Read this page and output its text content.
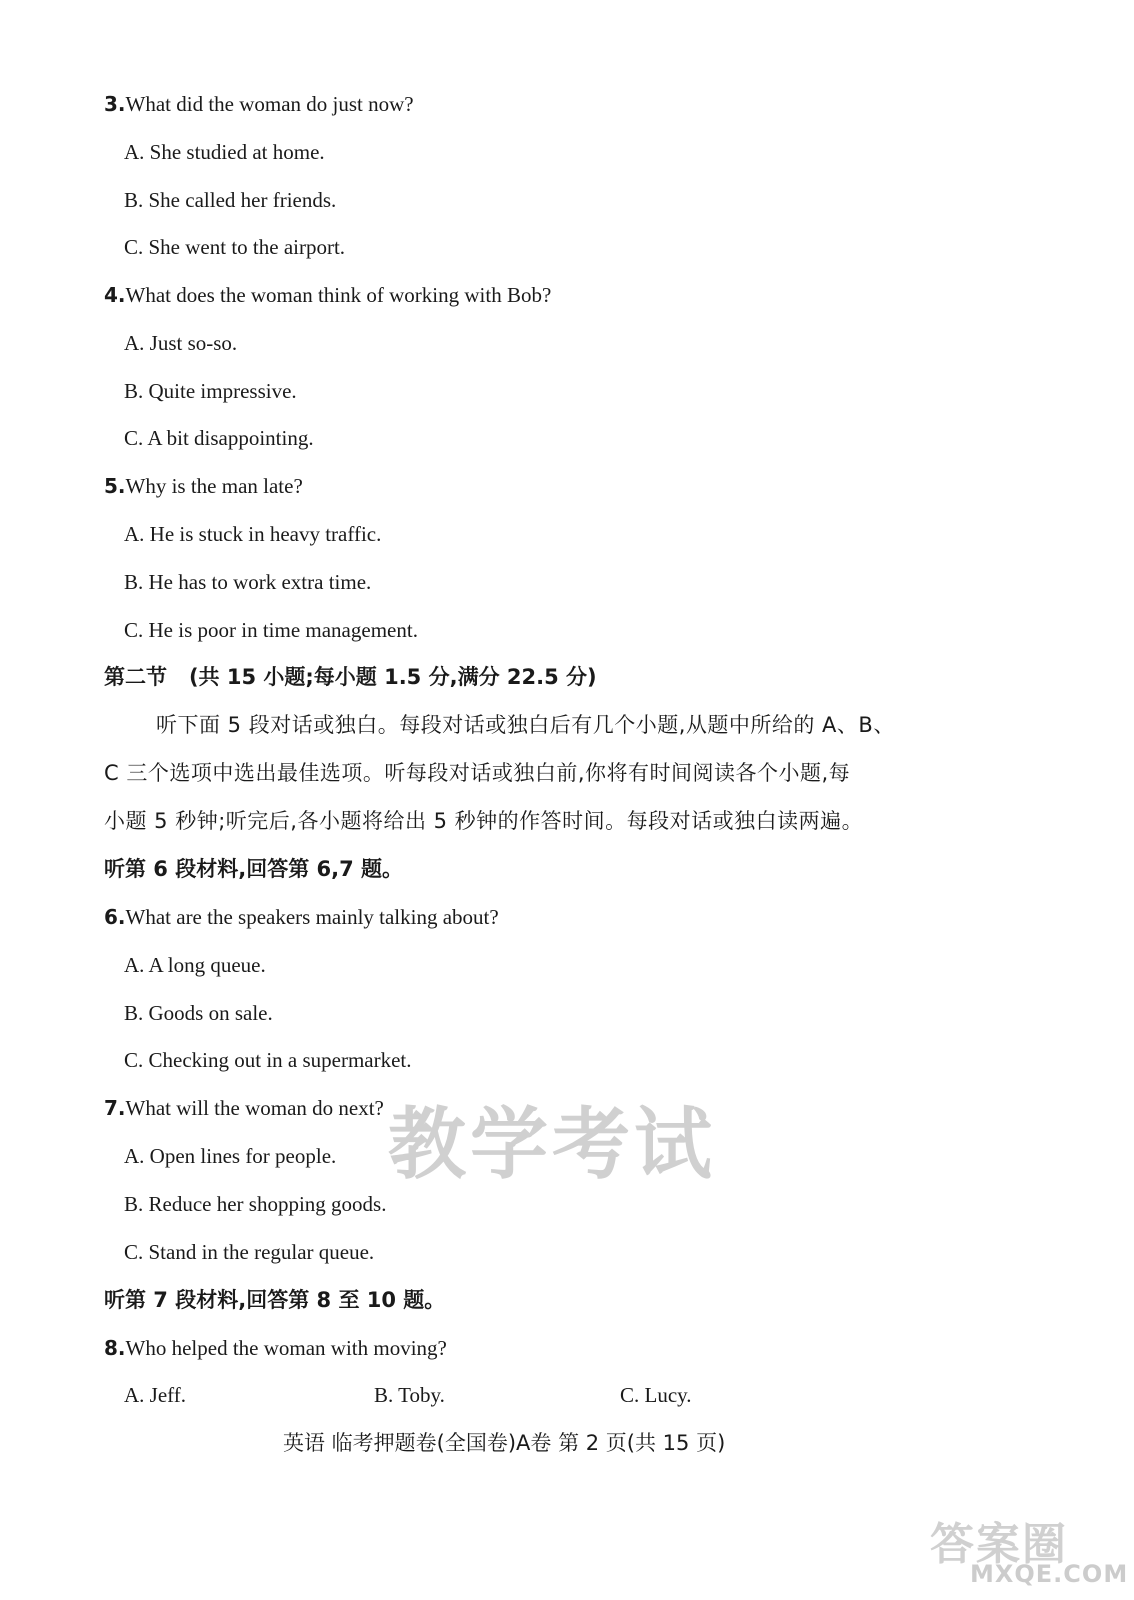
3.What did the woman do just now?
A. She studied at home.
B. She called her friends.
C. She went to the airport.
4.What does the woman think of working with Bob?
A. Just so-so.
B. Quite impressive.
C. A bit disappointing.
5.Why is the man late?
A. He is stuck in heavy traffic.
B. He has to work extra time.
C. He is poor in time management.
第二节 (共 15 小题;每小题 1.5 分,满分 22.5 分)
听下面 5 段对话或独白。每段对话或独白后有几个小题,从题中所给的 A、B、
C 三个选项中选出最佳选项。听每段对话或独白前,你将有时间阅读各个小题,每
小题 5 秒钟;听完后,各小题将给出 5 秒钟的作答时间。每段对话或独白读两遍。
听第 6 段材料,回答第 6,7 题。
6.What are the speakers mainly talking about?
A. A long queue.
B. Goods on sale.
C. Checking out in a supermarket.
7.What will the woman do next?
A. Open lines for people.
B. Reduce her shopping goods.
C. Stand in the regular queue.
教学考试
听第 7 段材料,回答第 8 至 10 题。
8.Who helped the woman with moving?
A. Jeff.	B. Toby.	C. Lucy.
英语 临考押题卷(全国卷)A卷 第 2 页(共 15 页)
答案圈
MXQE.COM
